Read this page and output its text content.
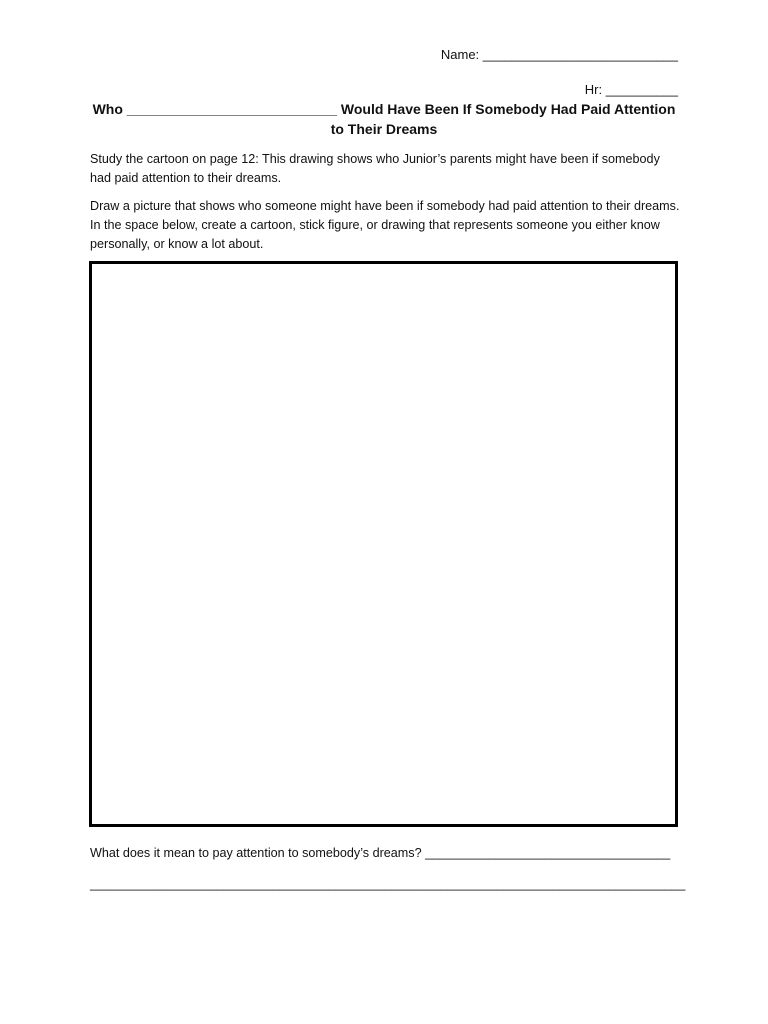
Name: ___________________________
Hr: __________
Who ___________________________ Would Have Been If Somebody Had Paid Attention to Their Dreams
Study the cartoon on page 12: This drawing shows who Junior’s parents might have been if somebody had paid attention to their dreams.
Draw a picture that shows who someone might have been if somebody had paid attention to their dreams. In the space below, create a cartoon, stick figure, or drawing that represents someone you either know personally, or know a lot about.
What does it mean to pay attention to somebody’s dreams? ___________________________________
_____________________________________________________________________________________
